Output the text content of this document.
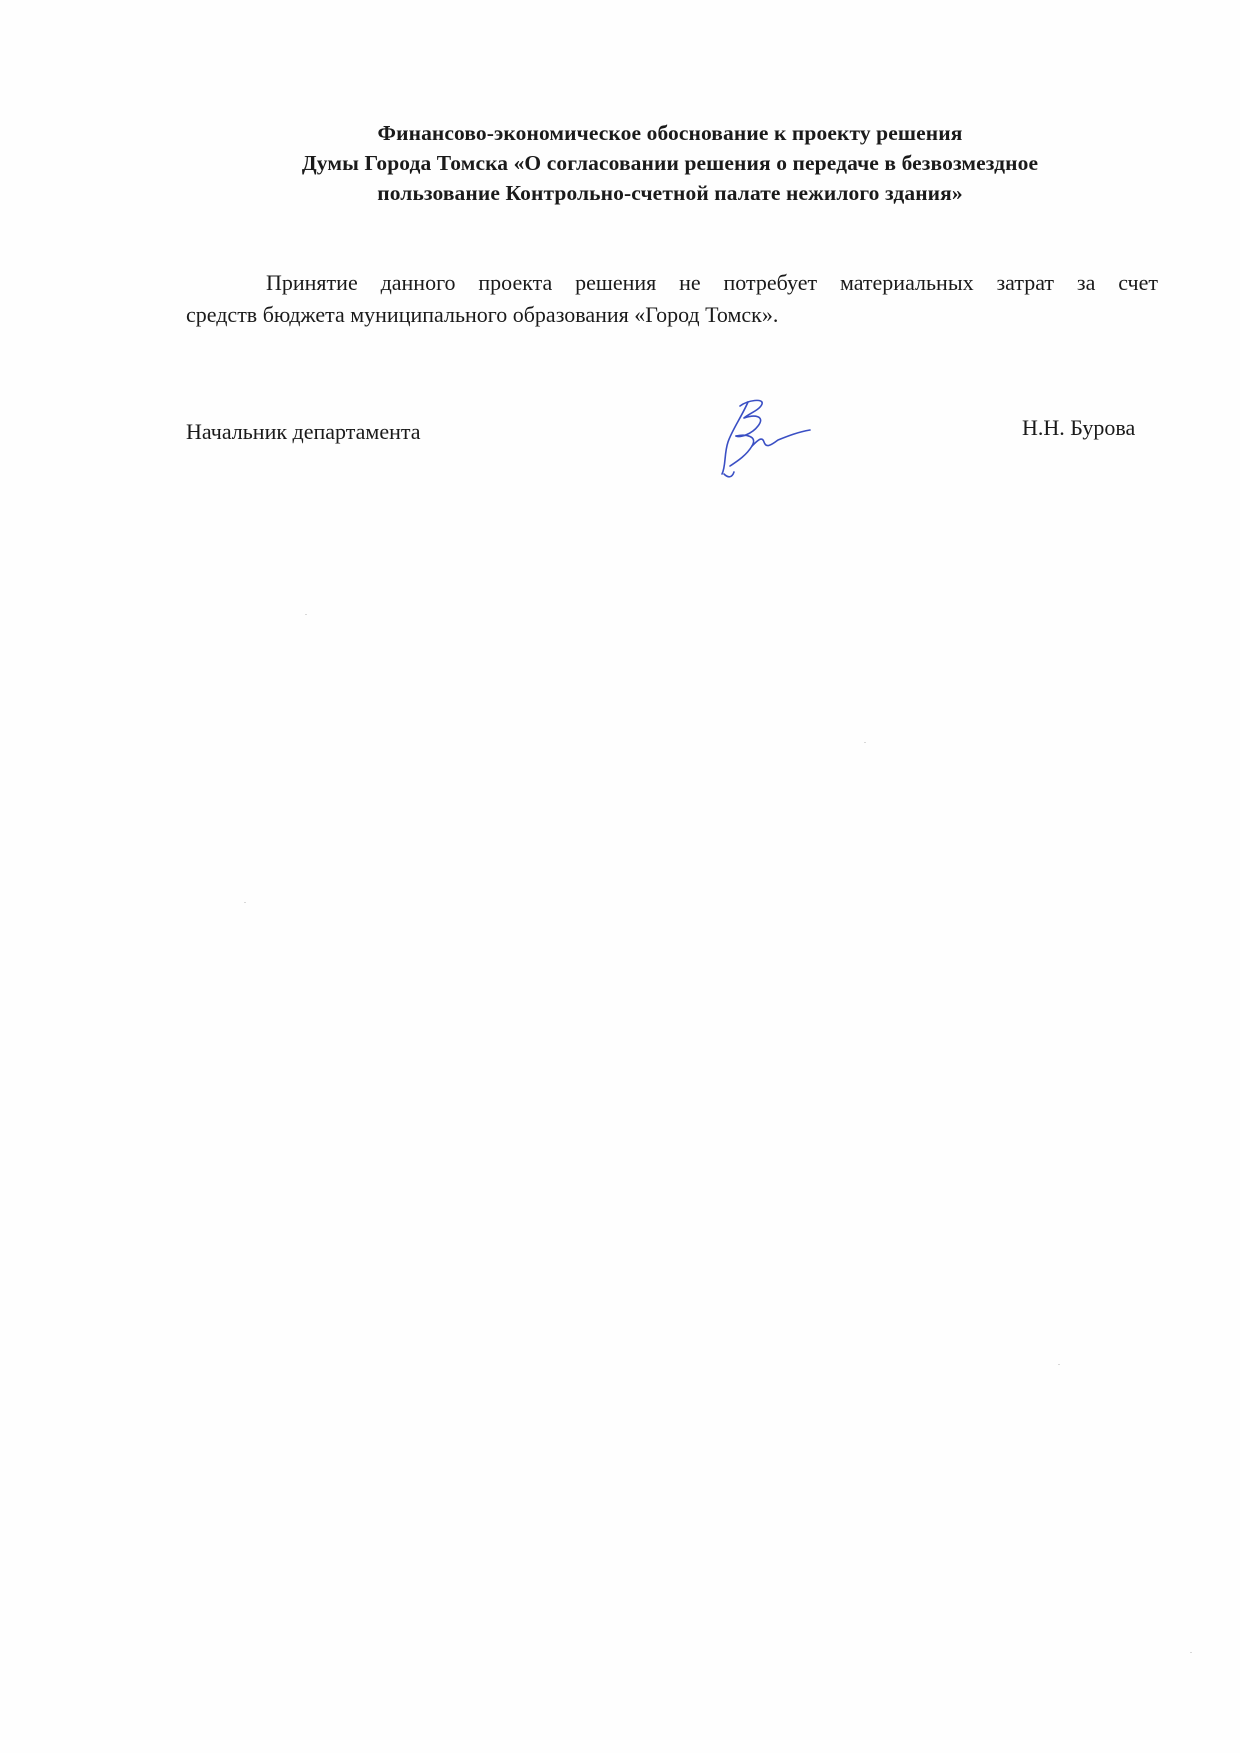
Финансово-экономическое обоснование к проекту решения
Думы Города Томска «О согласовании решения о передаче в безвозмездное
пользование Контрольно-счетной палате нежилого здания»
Принятие данного проекта решения не потребует материальных затрат за счет
средств бюджета муниципального образования «Город Томск».
Начальник департамента	Н.Н. Бурова
